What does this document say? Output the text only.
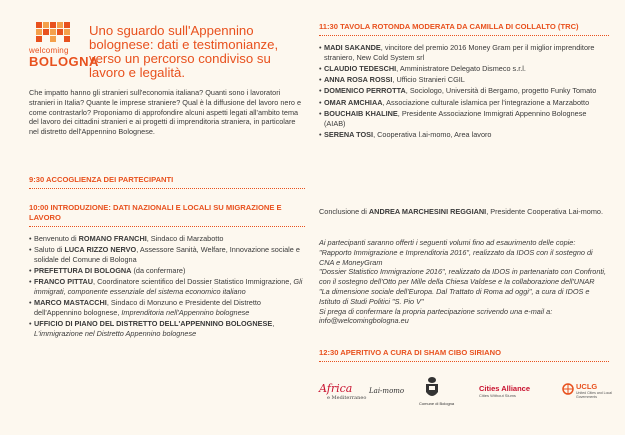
welcoming
BOLOGNA
Uno sguardo sull'Appennino bolognese: dati e testimonianze, verso un percorso condiviso su lavoro e legalità.
Che impatto hanno gli stranieri sull'economia italiana? Quanti sono i lavoratori stranieri in Italia? Quante le imprese straniere? Qual è la diffusione del lavoro nero e come contrastarlo? Proponiamo di approfondire alcuni aspetti legati all'ambito tema del lavoro dei cittadini stranieri e ai progetti di imprenditoria straniera, in particolare nel distretto dell'Appennino Bolognese.
9:30 ACCOGLIENZA DEI PARTECIPANTI
10:00 INTRODUZIONE: DATI NAZIONALI E LOCALI SU MIGRAZIONE E LAVORO
• Benvenuto di ROMANO FRANCHI, Sindaco di Marzabotto
• Saluto di LUCA RIZZO NERVO, Assessore Sanità, Welfare, Innovazione sociale e solidale del Comune di Bologna
• PREFETTURA DI BOLOGNA (da confermare)
• FRANCO PITTAU, Coordinatore scientifico del Dossier Statistico Immigrazione, Gli immigrati, componente essenziale del sistema economico italiano
• MARCO MASTACCHI, Sindaco di Monzuno e Presidente del Distretto dell'Appennino bolognese, Imprenditoria nell'Appennino bolognese
• UFFICIO DI PIANO DEL DISTRETTO DELL'APPENNINO BOLOGNESE, L'immigrazione nel Distretto Appennino bolognese
11:30 TAVOLA ROTONDA MODERATA DA CAMILLA DI COLLALTO (TRC)
• MADI SAKANDE, vincitore del premio 2016 Money Gram per il miglior imprenditore straniero, New Cold System srl
• CLAUDIO TEDESCHI, Amministratore Delegato Dismeco s.r.l.
• ANNA ROSA ROSSI, Ufficio Stranieri CGIL
• DOMENICO PERROTTA, Sociologo, Università di Bergamo, progetto Funky Tomato
• OMAR AMCHIAA, Associazione culturale islamica per l'integrazione a Marzabotto
• BOUCHAIB KHALINE, Presidente Associazione Immigrati Appennino Bolognese (AIAB)
• SERENA TOSI, Cooperativa l.ai-momo, Area lavoro
Conclusione di ANDREA MARCHESINI REGGIANI, Presidente Cooperativa Lai-momo.
Ai partecipanti saranno offerti i seguenti volumi fino ad esaurimento delle copie:
"Rapporto Immigrazione e Imprenditoria 2016", realizzato da IDOS con il sostegno di CNA e MoneyGram
"Dossier Statistico Immigrazione 2016", realizzato da IDOS in partenariato con Confronti, con il sostegno dell'Otto per Mille della Chiesa Valdese e la collaborazione dell'UNAR
"La dimensione sociale dell'Europa. Dal Trattato di Roma ad oggi", a cura di IDOS e Istituto di Studi Politici "S. Pio V"
Si prega di confermare la propria partecipazione scrivendo una e-mail a: info@welcomingbologna.eu
12:30 APERITIVO A CURA DI SHAM CIBO SIRIANO
Africa
e Mediterraneo
Lai-momo
Comune di Bologna
Cities Alliance
Cities Without Slums
UCLG
United Cities and Local Governments
